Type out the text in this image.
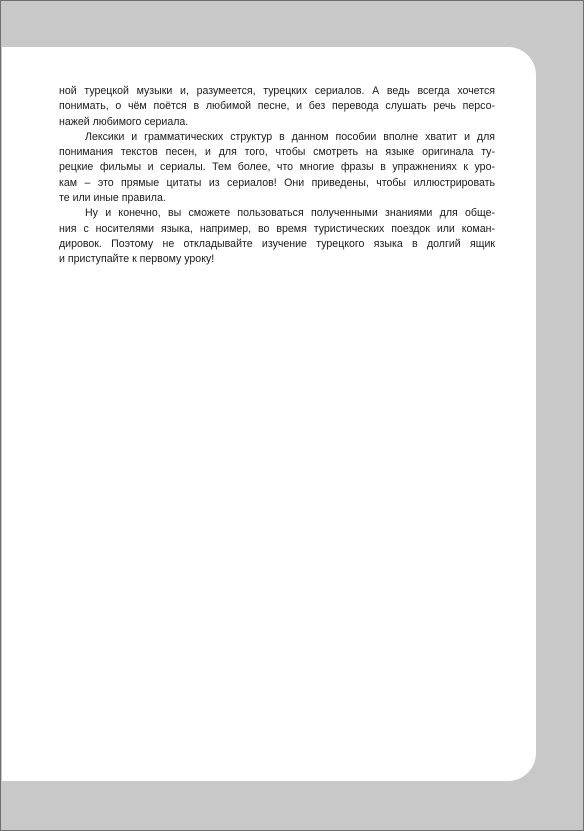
ной турецкой музыки и, разумеется, турецких сериалов. А ведь всегда хочется
понимать, о чём поётся в любимой песне, и без перевода слушать речь персо-
нажей любимого сериала.

Лексики и грамматических структур в данном пособии вполне хватит и для
понимания текстов песен, и для того, чтобы смотреть на языке оригинала ту-
рецкие фильмы и сериалы. Тем более, что многие фразы в упражнениях к уро-
кам – это прямые цитаты из сериалов! Они приведены, чтобы иллюстрировать
те или иные правила.

Ну и конечно, вы сможете пользоваться полученными знаниями для обще-
ния с носителями языка, например, во время туристических поездок или коман-
дировок. Поэтому не откладывайте изучение турецкого языка в долгий ящик
и приступайте к первому уроку!
